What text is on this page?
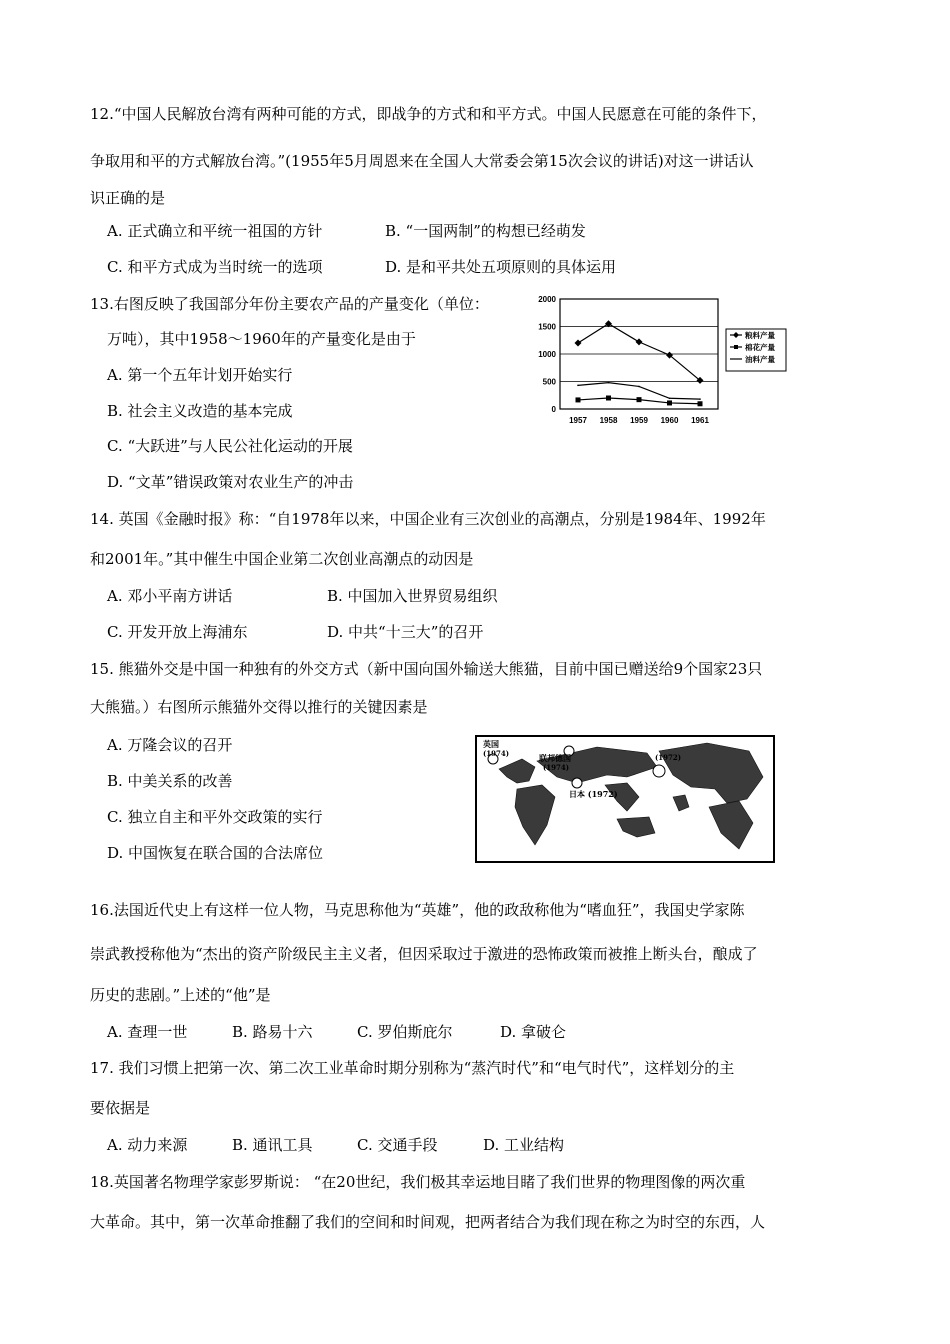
12.“中国人民解放台湾有两种可能的方式，即战争的方式和和平方式。中国人民愿意在可能的条件下，
争取用和平的方式解放台湾。”(1955年5月周恩来在全国人大常委会第15次会议的讲话)对这一讲话认
识正确的是
A. 正式确立和平统一祖国的方针	B. “一国两制”的构想已经萌发
C. 和平方式成为当时统一的选项	D. 是和平共处五项原则的具体运用
13.右图反映了我国部分年份主要农产品的产量变化（单位：
万吨），其中1958～1960年的产量变化是由于
A. 第一个五年计划开始实行
B. 社会主义改造的基本完成
C. “大跃进”与人民公社化运动的开展
D. “文革”错误政策对农业生产的冲击
2000
1500
1000
500
0
1957 1958 1959 1960 1961
粮料产量
棉花产量
油料产量
14. 英国《金融时报》称：“自1978年以来，中国企业有三次创业的高潮点，分别是1984年、1992年
和2001年。”其中催生中国企业第二次创业高潮点的动因是
A. 邓小平南方讲话	B. 中国加入世界贸易组织
C. 开发开放上海浦东	D. 中共“十三大”的召开
15. 熊猫外交是中国一种独有的外交方式（新中国向国外输送大熊猫，目前中国已赠送给9个国家23只
大熊猫。）右图所示熊猫外交得以推行的关键因素是
A. 万隆会议的召开
B. 中美关系的改善
C. 独立自主和平外交政策的实行
D. 中国恢复在联合国的合法席位
英国
(1974)	联邦德国
(1974)
日本 (1972)
(1972)
16.法国近代史上有这样一位人物，马克思称他为“英雄”，他的政敌称他为“嗜血狂”，我国史学家陈
崇武教授称他为“杰出的资产阶级民主主义者，但因采取过于激进的恐怖政策而被推上断头台，酿成了
历史的悲剧。”上述的“他”是
A. 查理一世	B. 路易十六	C. 罗伯斯庇尔	D. 拿破仑
17. 我们习惯上把第一次、第二次工业革命时期分别称为“蒸汽时代”和“电气时代”，这样划分的主
要依据是
A. 动力来源	B. 通讯工具	C. 交通手段	D. 工业结构
18.英国著名物理学家彭罗斯说： “在20世纪，我们极其幸运地目睹了我们世界的物理图像的两次重
大革命。其中，第一次革命推翻了我们的空间和时间观，把两者结合为我们现在称之为时空的东西，人
